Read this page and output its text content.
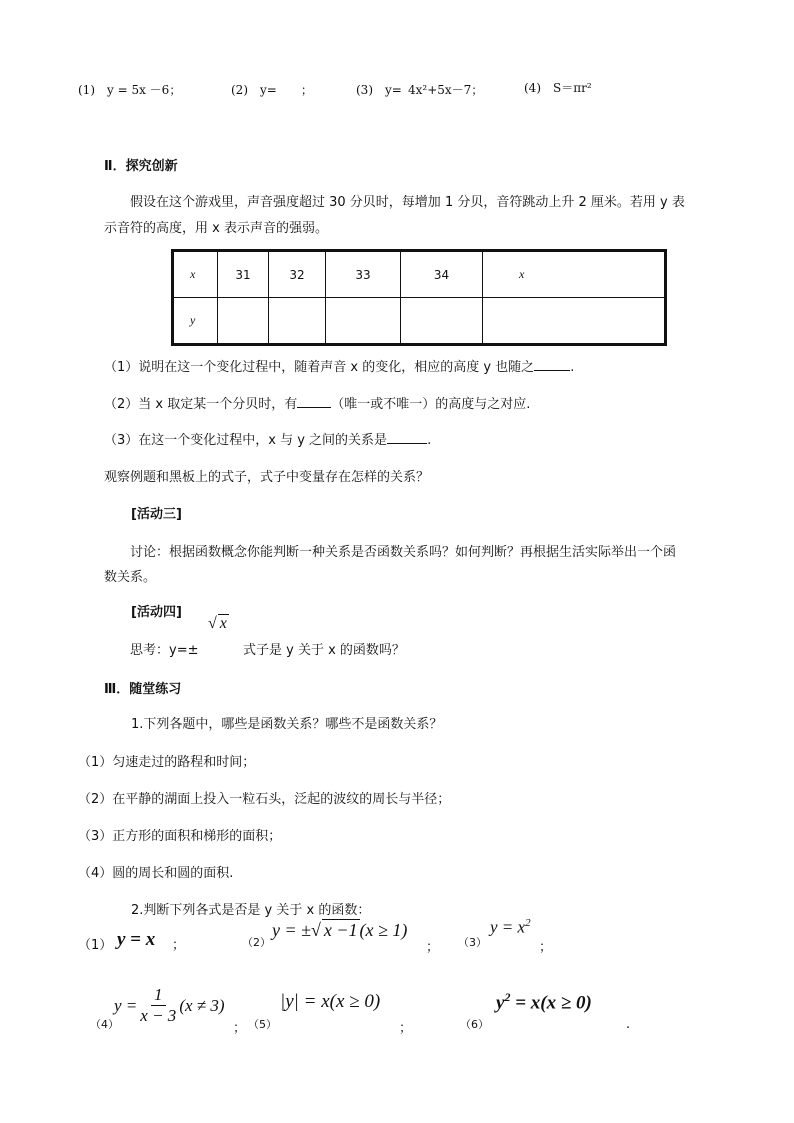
(1)　y = 5x －6；	(2)　y=　　；	(3)　y= 4x²+5x－7；	(4)　S＝πr²
Ⅱ．探究创新
假设在这个游戏里，声音强度超过 30 分贝时，每增加 1 分贝，音符跳动上升 2 厘米。若用 y 表
示音符的高度，用 x 表示声音的强弱。
x	31	32	33	34	x
y					
（1）说明在这一个变化过程中，随着声音 x 的变化，相应的高度 y 也随之	.
（2）当 x 取定某一个分贝时，有	（唯一或不唯一）的高度与之对应.
（3）在这一个变化过程中，x 与 y 之间的关系是	.
观察例题和黑板上的式子，式子中变量存在怎样的关系？
[活动三]
讨论：根据函数概念你能判断一种关系是否函数关系吗？如何判断？再根据生活实际举出一个函
数关系。
[活动四]
√ x
思考：y=±	式子是 y 关于 x 的函数吗？
Ⅲ．随堂练习
1.下列各题中，哪些是函数关系？哪些不是函数关系？
（1）匀速走过的路程和时间；
（2）在平静的湖面上投入一粒石头，泛起的波纹的周长与半径；
（3）正方形的面积和梯形的面积；
（4）圆的周长和圆的面积.
2.判断下列各式是否是 y 关于 x 的函数：
（1） y = x ；	（2）
y = ±√ x −1 (x ≥ 1)
； （3）
$y = x^2$
；
（4）
$y = \frac{1}{x - 3} (x \ne 3)$
； （5）
|y| = x(x ≥ 0)
；	（6）
$y^2 = x(x \ge 0)$
.
